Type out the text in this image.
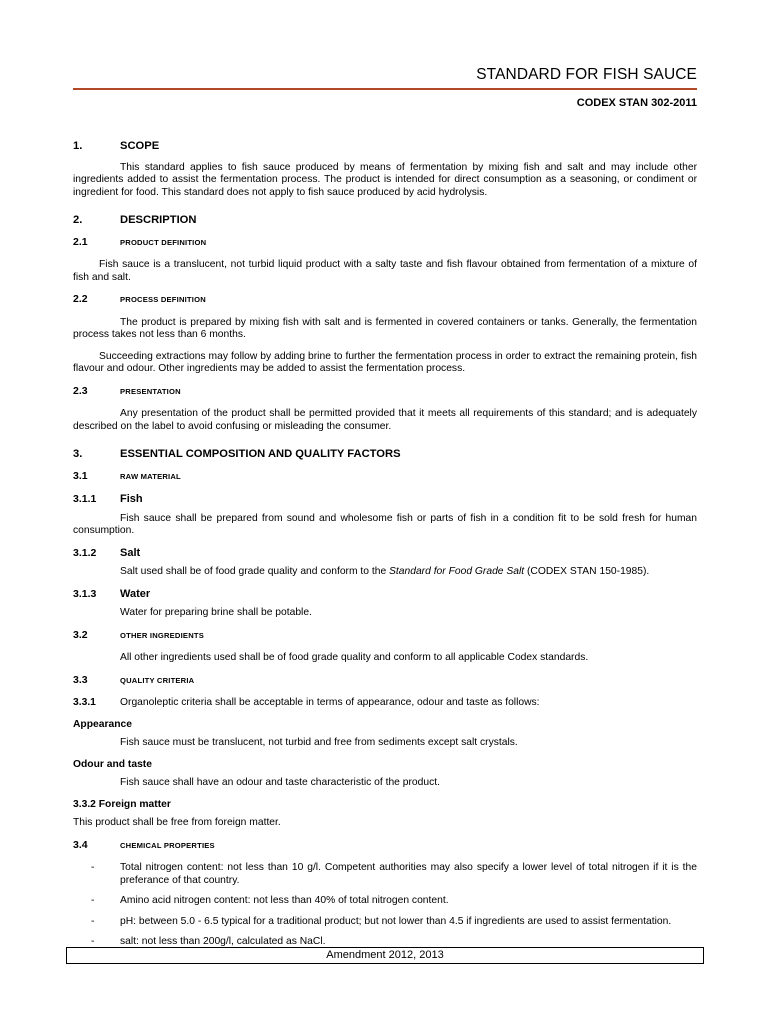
STANDARD FOR FISH SAUCE
CODEX STAN 302-2011
1.	SCOPE

This standard applies to fish sauce produced by means of fermentation by mixing fish and salt and may include other ingredients added to assist the fermentation process. The product is intended for direct consumption as a seasoning, or condiment or ingredient for food. This standard does not apply to fish sauce produced by acid hydrolysis.

2.	DESCRIPTION
2.1	PRODUCT DEFINITION

Fish sauce is a translucent, not turbid liquid product with a salty taste and fish flavour obtained from fermentation of a mixture of fish and salt.

2.2	PROCESS DEFINITION

The product is prepared by mixing fish with salt and is fermented in covered containers or tanks. Generally, the fermentation process takes not less than 6 months.

Succeeding extractions may follow by adding brine to further the fermentation process in order to extract the remaining protein, fish flavour and odour. Other ingredients may be added to assist the fermentation process.

2.3	PRESENTATION

Any presentation of the product shall be permitted provided that it meets all requirements of this standard; and is adequately described on the label to avoid confusing or misleading the consumer.

3.	ESSENTIAL COMPOSITION AND QUALITY FACTORS
3.1	RAW MATERIAL
3.1.1	Fish

Fish sauce shall be prepared from sound and wholesome fish or parts of fish in a condition fit to be sold fresh for human consumption.

3.1.2	Salt

Salt used shall be of food grade quality and conform to the Standard for Food Grade Salt (CODEX STAN 150-1985).

3.1.3	Water

Water for preparing brine shall be potable.

3.2	OTHER INGREDIENTS

All other ingredients used shall be of food grade quality and conform to all applicable Codex standards.

3.3	QUALITY CRITERIA
3.3.1	Organoleptic criteria shall be acceptable in terms of appearance, odour and taste as follows:
Appearance

Fish sauce must be translucent, not turbid and free from sediments except salt crystals.

Odour and taste

Fish sauce shall have an odour and taste characteristic of the product.

3.3.2 Foreign matter

This product shall be free from foreign matter.

3.4	CHEMICAL PROPERTIES
-	Total nitrogen content: not less than 10 g/l. Competent authorities may also specify a lower level of total nitrogen if it is the preferance of that country.
-	Amino acid nitrogen content: not less than 40% of total nitrogen content.
- pH: between 5.0 - 6.5 typical for a traditional product; but not lower than 4.5 if ingredients are used to assist fermentation.
-	salt: not less than 200g/l, calculated as NaCl.
Amendment 2012, 2013
